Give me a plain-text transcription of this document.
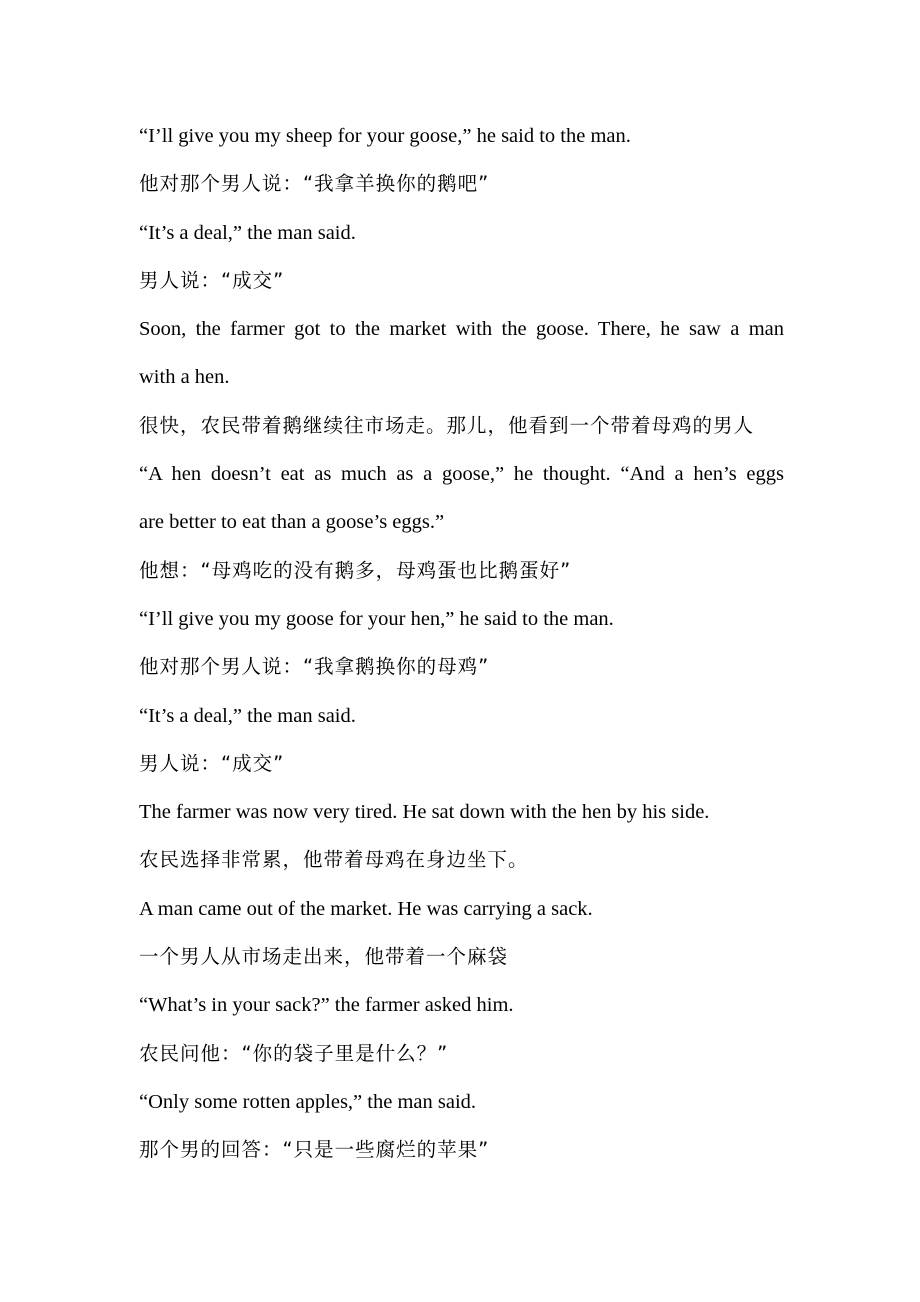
“I’ll give you my sheep for your goose,” he said to the man.
他对那个男人说：“我拿羊换你的鹅吧”
“It’s a deal,” the man said.
男人说：“成交”
Soon, the farmer got to the market with the goose. There, he saw a man
with a hen.
很快，农民带着鹅继续往市场走。那儿，他看到一个带着母鸡的男人
“A hen doesn’t eat as much as a goose,” he thought. “And a hen’s eggs
are better to eat than a goose’s eggs.”
他想：“母鸡吃的没有鹅多，母鸡蛋也比鹅蛋好”
“I’ll give you my goose for your hen,” he said to the man.
他对那个男人说：“我拿鹅换你的母鸡”
“It’s a deal,” the man said.
男人说：“成交”
The farmer was now very tired. He sat down with the hen by his side.
农民选择非常累，他带着母鸡在身边坐下。
A man came out of the market. He was carrying a sack.
一个男人从市场走出来，他带着一个麻袋
“What’s in your sack?” the farmer asked him.
农民问他：“你的袋子里是什么？”
“Only some rotten apples,” the man said.
那个男的回答：“只是一些腐烂的苹果”
